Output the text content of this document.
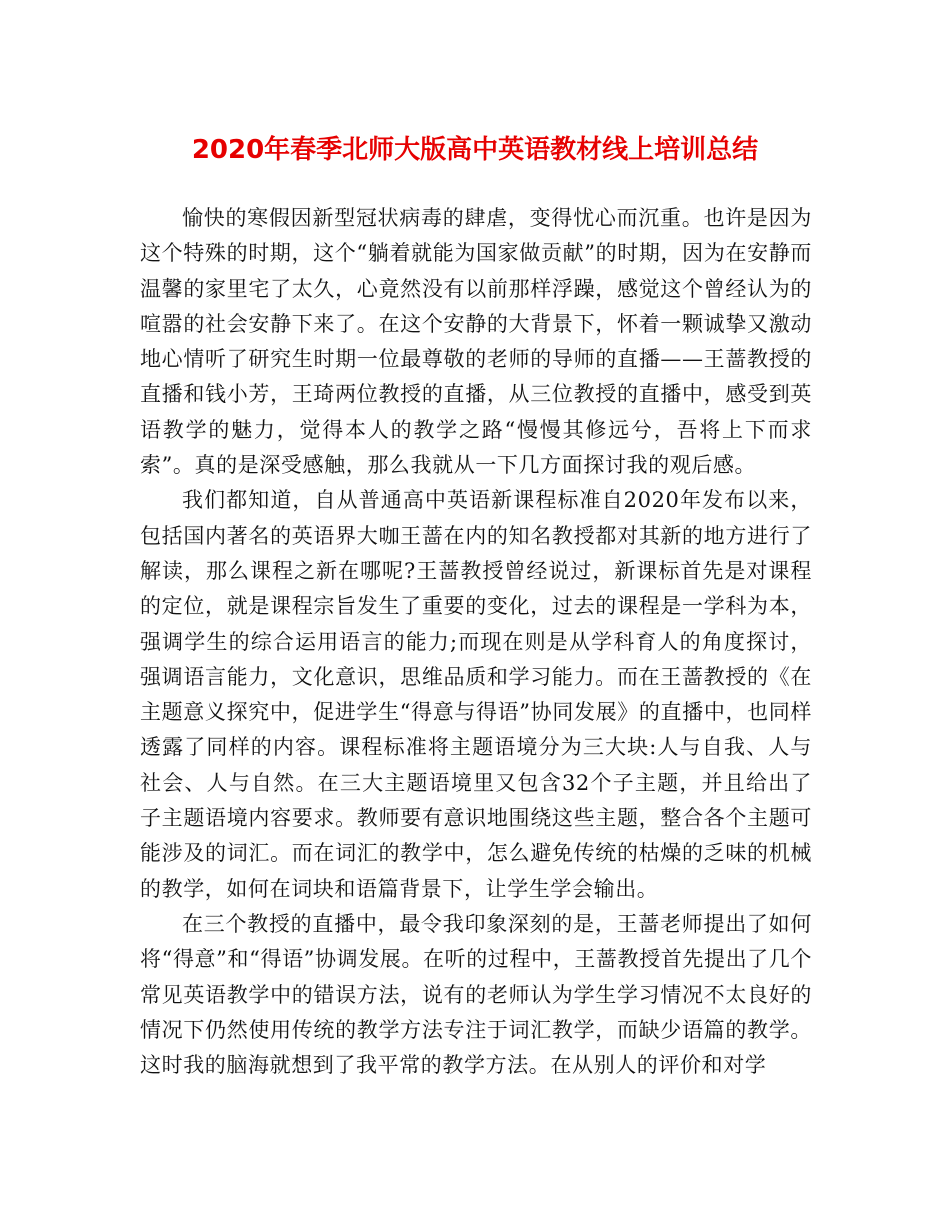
2020年春季北师大版高中英语教材线上培训总结

愉快的寒假因新型冠状病毒的肆虐，变得忧心而沉重。也许是因为这个特殊的时期，这个“躺着就能为国家做贡献”的时期，因为在安静而温馨的家里宅了太久，心竟然没有以前那样浮躁，感觉这个曾经认为的喧嚣的社会安静下来了。在这个安静的大背景下，怀着一颗诚挚又激动地心情听了研究生时期一位最尊敬的老师的导师的直播——王蔷教授的直播和钱小芳，王琦两位教授的直播，从三位教授的直播中，感受到英语教学的魅力，觉得本人的教学之路“慢慢其修远兮，吾将上下而求索”。真的是深受感触，那么我就从一下几方面探讨我的观后感。

我们都知道，自从普通高中英语新课程标准自2020年发布以来，包括国内著名的英语界大咖王蔷在内的知名教授都对其新的地方进行了解读，那么课程之新在哪呢?王蔷教授曾经说过，新课标首先是对课程的定位，就是课程宗旨发生了重要的变化，过去的课程是一学科为本，强调学生的综合运用语言的能力;而现在则是从学科育人的角度探讨，强调语言能力，文化意识，思维品质和学习能力。而在王蔷教授的《在主题意义探究中，促进学生“得意与得语”协同发展》的直播中，也同样透露了同样的内容。课程标准将主题语境分为三大块:人与自我、人与社会、人与自然。在三大主题语境里又包含32个子主题，并且给出了子主题语境内容要求。教师要有意识地围绕这些主题，整合各个主题可能涉及的词汇。而在词汇的教学中，怎么避免传统的枯燥的乏味的机械的教学，如何在词块和语篇背景下，让学生学会输出。

在三个教授的直播中，最令我印象深刻的是，王蔷老师提出了如何将“得意”和“得语”协调发展。在听的过程中，王蔷教授首先提出了几个常见英语教学中的错误方法，说有的老师认为学生学习情况不太良好的情况下仍然使用传统的教学方法专注于词汇教学，而缺少语篇的教学。这时我的脑海就想到了我平常的教学方法。在从别人的评价和对学
